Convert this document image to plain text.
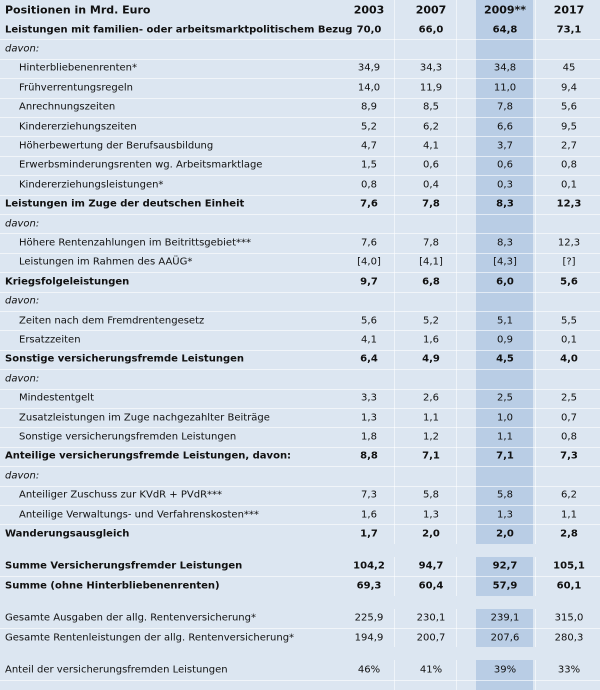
Positionen in Mrd. Euro	2003	2007	2009**	2017
Leistungen mit familien- oder arbeitsmarktpolitischem Bezug 70,0	66,0	64,8	73,1
davon:
Hinterbliebenenrenten*	34,9	34,3	34,8	45
Frühverrentungsregeln	14,0	11,9	11,0	9,4
Anrechnungszeiten	8,9	8,5	7,8	5,6
Kindererziehungszeiten	5,2	6,2	6,6	9,5
Höherbewertung der Berufsausbildung	4,7	4,1	3,7	2,7
Erwerbsminderungsrenten wg. Arbeitsmarktlage	1,5	0,6	0,6	0,8
Kindererziehungsleistungen*	0,8	0,4	0,3	0,1
Leistungen im Zuge der deutschen Einheit	7,6	7,8	8,3	12,3
davon:
Höhere Rentenzahlungen im Beitrittsgebiet***	7,6	7,8	8,3	12,3
Leistungen im Rahmen des AAÜG*	[4,0]	[4,1]	[4,3]	[?]
Kriegsfolgeleistungen	9,7	6,8	6,0	5,6
davon:
Zeiten nach dem Fremdrentengesetz	5,6	5,2	5,1	5,5
Ersatzzeiten	4,1	1,6	0,9	0,1
Sonstige versicherungsfremde Leistungen	6,4	4,9	4,5	4,0
davon:
Mindestentgelt	3,3	2,6	2,5	2,5
Zusatzleistungen im Zuge nachgezahlter Beiträge	1,3	1,1	1,0	0,7
Sonstige versicherungsfremden Leistungen	1,8	1,2	1,1	0,8
Anteilige versicherungsfremde Leistungen, davon:	8,8	7,1	7,1	7,3
davon:
Anteiliger Zuschuss zur KVdR + PVdR***	7,3	5,8	5,8	6,2
Anteilige Verwaltungs- und Verfahrenskosten***	1,6	1,3	1,3	1,1
Wanderungsausgleich	1,7	2,0	2,0	2,8
Summe Versicherungsfremder Leistungen	104,2	94,7	92,7	105,1
Summe (ohne Hinterbliebenenrenten)	69,3	60,4	57,9	60,1
Gesamte Ausgaben der allg. Rentenversicherung*	225,9	230,1	239,1	315,0
Gesamte Rentenleistungen der allg. Rentenversicherung*	194,9	200,7	207,6	280,3
Anteil der versicherungsfremden Leistungen	46%	41%	39%	33%
